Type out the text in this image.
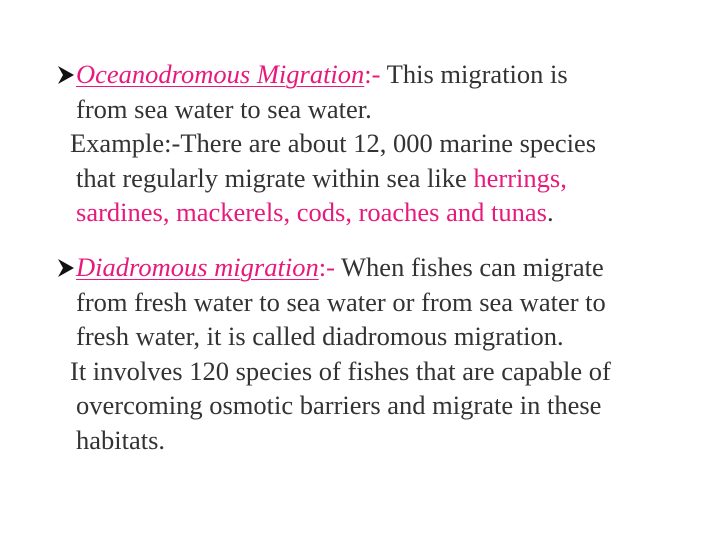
Oceanodromous Migration:- This migration is
from sea water to sea water.
Example:-There are about 12, 000 marine species
that regularly migrate within sea like herrings,
sardines, mackerels, cods, roaches and tunas.
Diadromous migration:- When fishes can migrate
from fresh water to sea water or from sea water to
fresh water, it is called diadromous migration.
It involves 120 species of fishes that are capable of
overcoming osmotic barriers and migrate in these
habitats.
